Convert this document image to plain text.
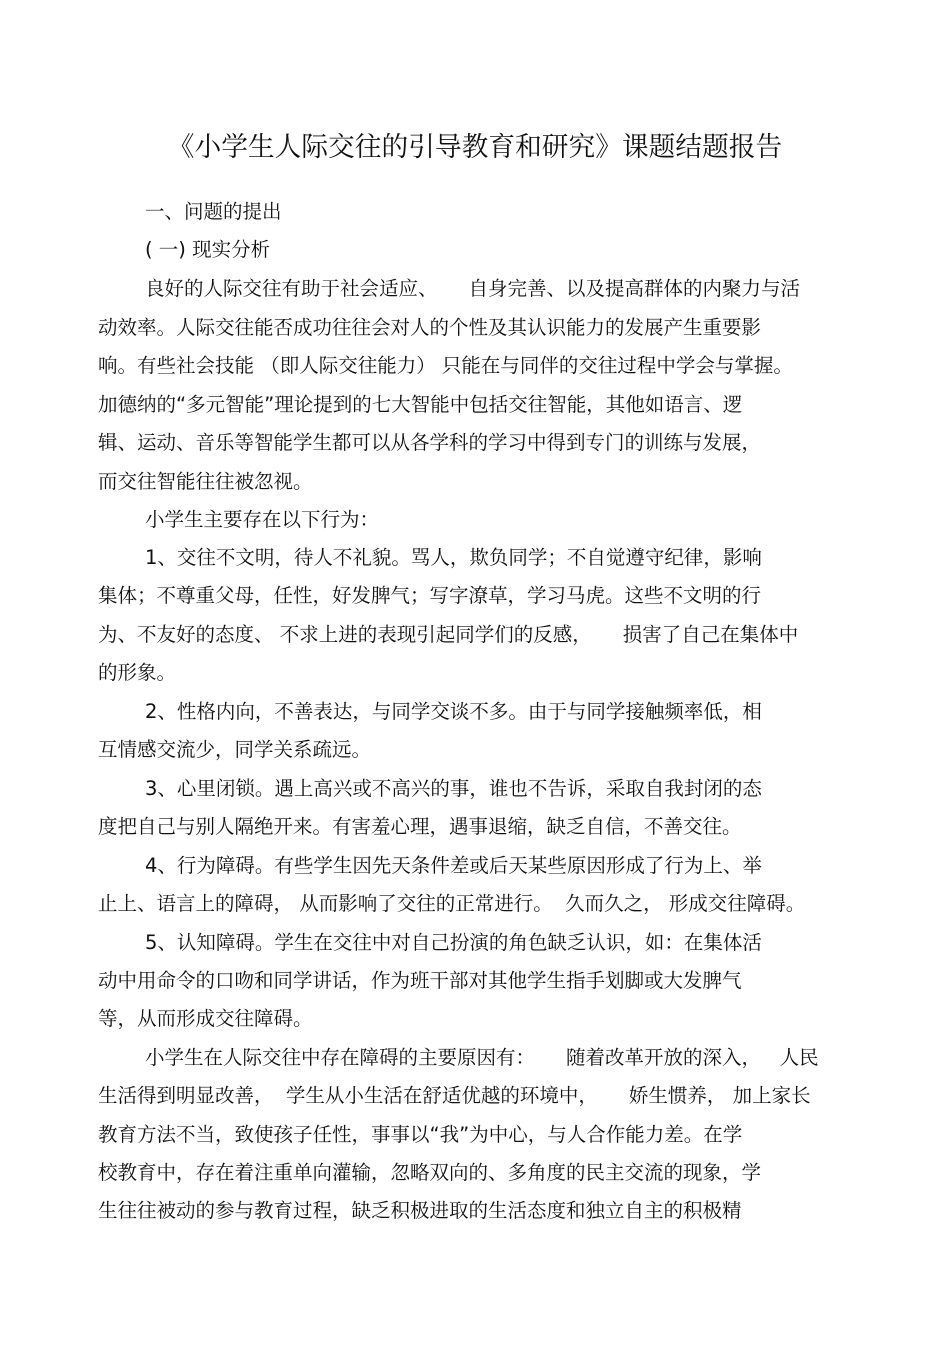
《小学生人际交往的引导教育和研究》课题结题报告
一、问题的提出
( 一) 现实分析
良好的人际交往有助于社会适应、     自身完善、以及提高群体的内聚力与活
动效率。人际交往能否成功往往会对人的个性及其认识能力的发展产生重要影
响。有些社会技能 （即人际交往能力） 只能在与同伴的交往过程中学会与掌握。
加德纳的“多元智能”理论提到的七大智能中包括交往智能，其他如语言、逻
辑、运动、音乐等智能学生都可以从各学科的学习中得到专门的训练与发展，
而交往智能往往被忽视。
小学生主要存在以下行为：
1、交往不文明，待人不礼貌。骂人，欺负同学；不自觉遵守纪律，影响
集体；不尊重父母，任性，好发脾气；写字潦草，学习马虎。这些不文明的行
为、不友好的态度、 不求上进的表现引起同学们的反感，     损害了自己在集体中
的形象。
2、性格内向，不善表达，与同学交谈不多。由于与同学接触频率低，相
互情感交流少，同学关系疏远。
3、心里闭锁。遇上高兴或不高兴的事，谁也不告诉，采取自我封闭的态
度把自己与别人隔绝开来。有害羞心理，遇事退缩，缺乏自信，不善交往。
4、行为障碍。有些学生因先天条件差或后天某些原因形成了行为上、举
止上、语言上的障碍， 从而影响了交往的正常进行。  久而久之， 形成交往障碍。
5、认知障碍。学生在交往中对自己扮演的角色缺乏认识，如：在集体活
动中用命令的口吻和同学讲话，作为班干部对其他学生指手划脚或大发脾气
等，从而形成交往障碍。
小学生在人际交往中存在障碍的主要原因有：     随着改革开放的深入，   人民
生活得到明显改善，  学生从小生活在舒适优越的环境中，     娇生惯养， 加上家长
教育方法不当，致使孩子任性，事事以“我”为中心，与人合作能力差。在学
校教育中，存在着注重单向灌输，忽略双向的、多角度的民主交流的现象，学
生往往被动的参与教育过程，缺乏积极进取的生活态度和独立自主的积极精
